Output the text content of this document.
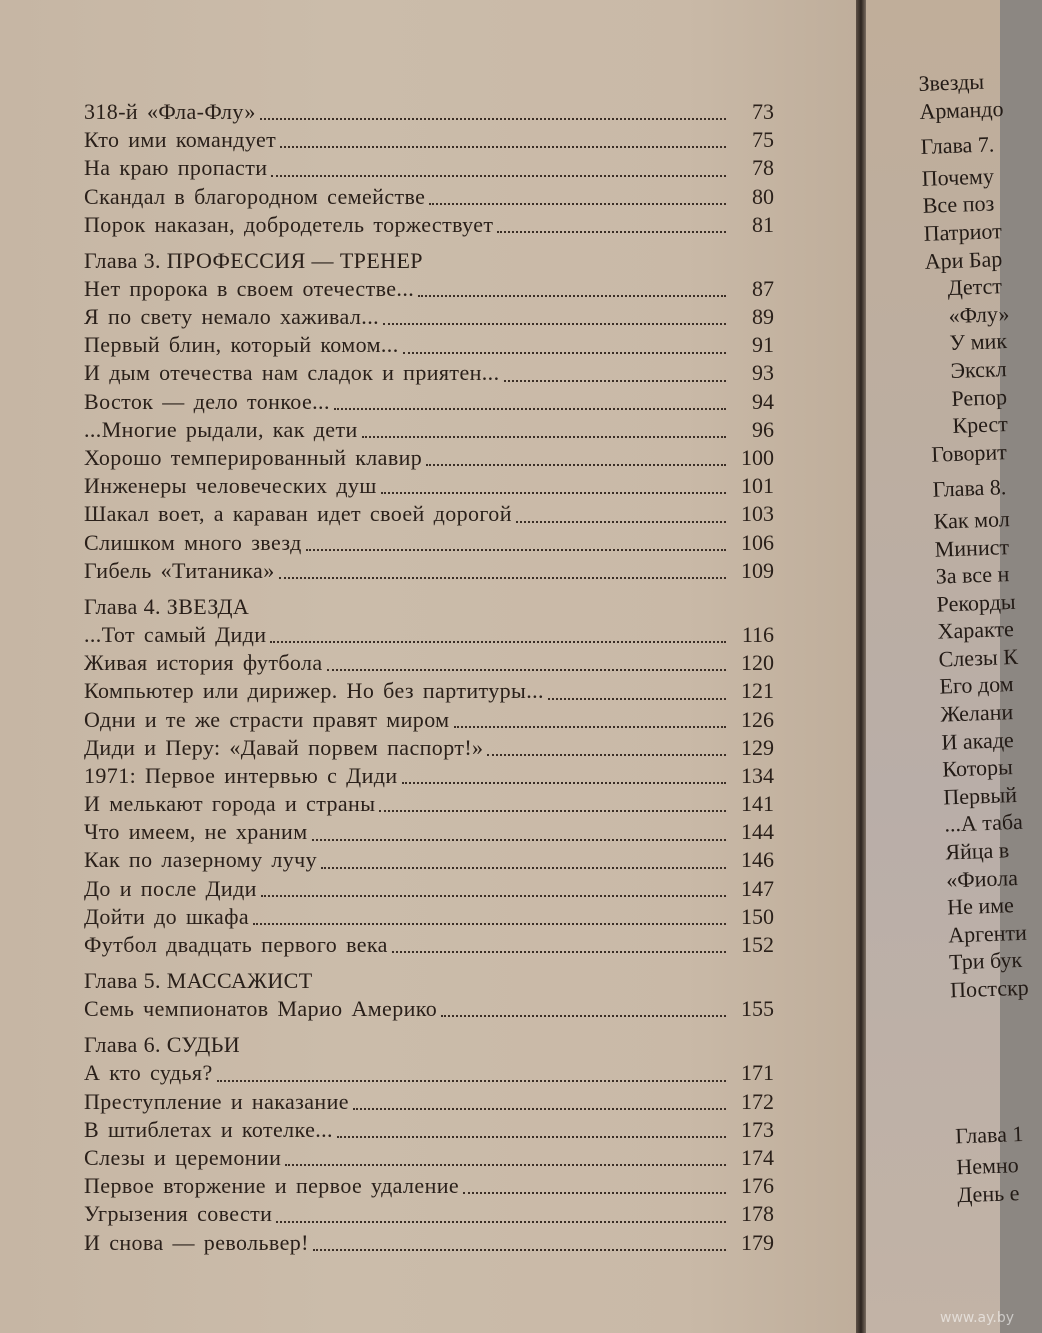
318-й «Фла-Флу»	73
Кто ими командует	75
На краю пропасти	78
Скандал в благородном семействе	80
Порок наказан, добродетель торжествует	81
Глава 3. ПРОФЕССИЯ — ТРЕНЕР
Нет пророка в своем отечестве...	87
Я по свету немало хаживал...	89
Первый блин, который комом...	91
И дым отечества нам сладок и приятен...	93
Восток — дело тонкое...	94
...Многие рыдали, как дети	96
Хорошо темперированный клавир	100
Инженеры человеческих душ	101
Шакал воет, а караван идет своей дорогой	103
Слишком много звезд	106
Гибель «Титаника»	109
Глава 4. ЗВЕЗДА
...Тот самый Диди	116
Живая история футбола	120
Компьютер или дирижер. Но без партитуры...	121
Одни и те же страсти правят миром	126
Диди и Перу: «Давай порвем паспорт!»	129
1971: Первое интервью с Диди	134
И мелькают города и страны	141
Что имеем, не храним	144
Как по лазерному лучу	146
До и после Диди	147
Дойти до шкафа	150
Футбол двадцать первого века	152
Глава 5. МАССАЖИСТ
Семь чемпионатов Марио Америко	155
Глава 6. СУДЬИ
А кто судья?	171
Преступление и наказание	172
В штиблетах и котелке...	173
Слезы и церемонии	174
Первое вторжение и первое удаление	176
Угрызения совести	178
И снова — револьвер!	179
Звезды
Армандо
Глава 7.
Почему
Все поз
Патриот
Ари Бар
Детст
«Флу»
У мик
Экскл
Репор
Крест
Говорит
Глава 8.
Как мол
Минист
За все н
Рекорды
Характе
Слезы К
Его дом
Желани
И акаде
Которы
Первый
...А таба
Яйца в
«Фиола
Не име
Аргенти
Три бук
Постскр
Глава 1
Немно
День е
www.ay.by
